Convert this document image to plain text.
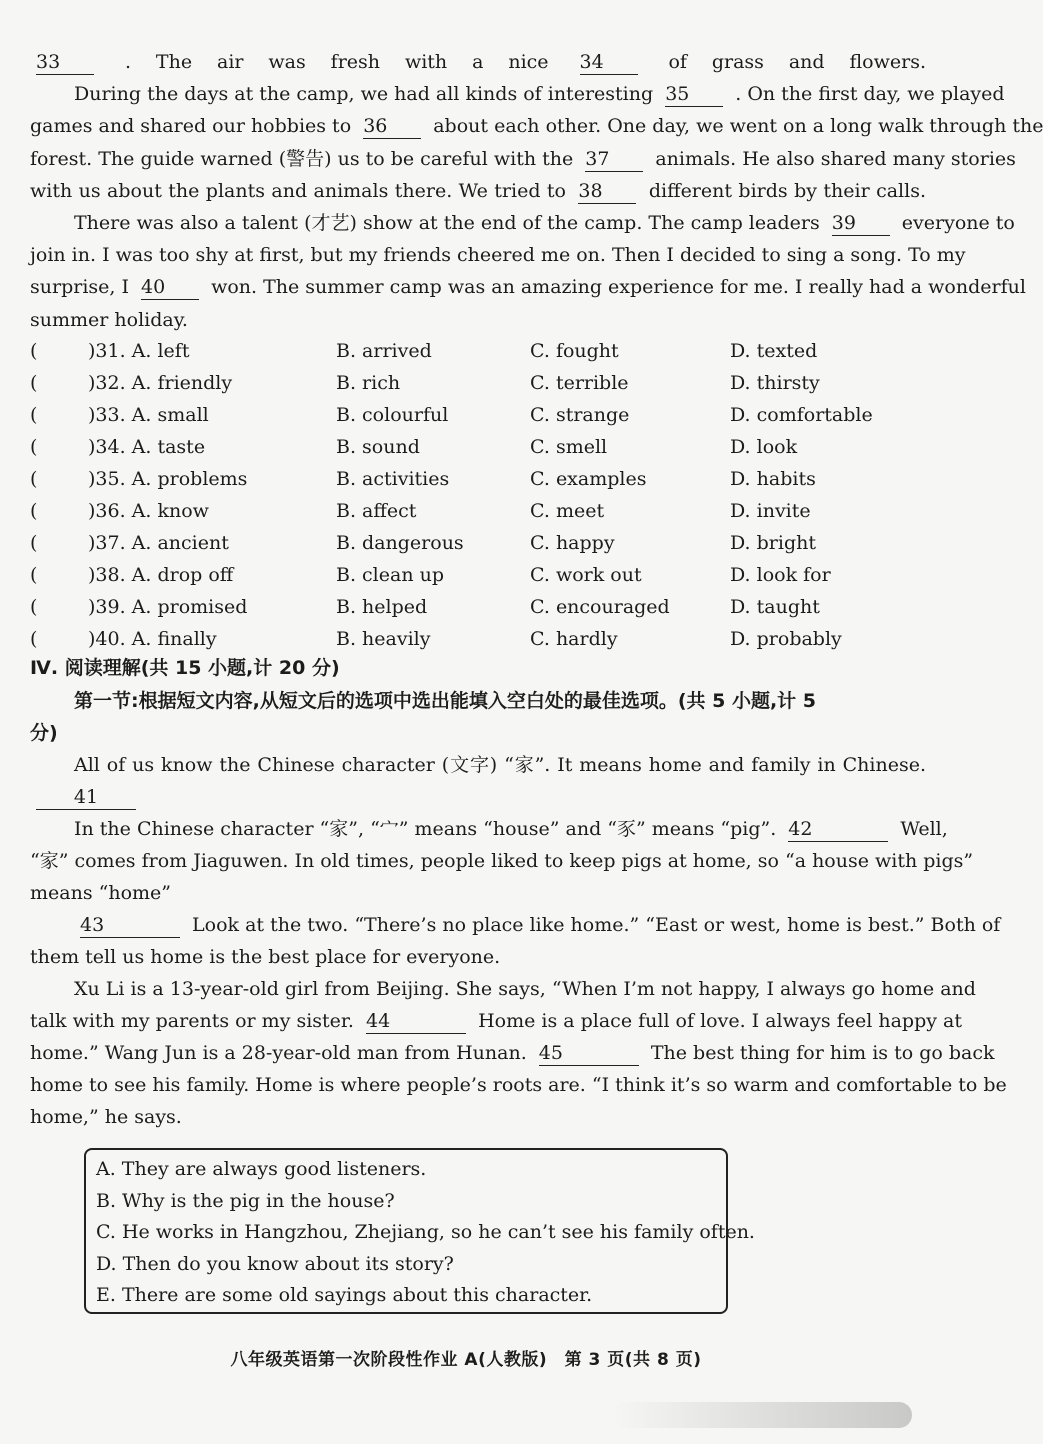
33	. The air was fresh with a nice 34	of grass and flowers.
During the days at the camp, we had all kinds of interesting 35 . On the first day, we played
games and shared our hobbies to 36 about each other. One day, we went on a long walk through the
forest. The guide warned (警告) us to be careful with the 37 animals. He also shared many stories
with us about the plants and animals there. We tried to 38 different birds by their calls.
There was also a talent (才艺) show at the end of the camp. The camp leaders 39 everyone to
join in. I was too shy at first, but my friends cheered me on. Then I decided to sing a song. To my
surprise, I 40 won. The summer camp was an amazing experience for me. I really had a wonderful
summer holiday.
(	)31. A. left	B. arrived	C. fought	D. texted
(	)32. A. friendly	B. rich	C. terrible	D. thirsty
(	)33. A. small	B. colourful	C. strange	D. comfortable
(	)34. A. taste	B. sound	C. smell	D. look
(	)35. A. problems	B. activities	C. examples	D. habits
(	)36. A. know	B. affect	C. meet	D. invite
(	)37. A. ancient	B. dangerous	C. happy	D. bright
(	)38. A. drop off	B. clean up	C. work out	D. look for
(	)39. A. promised	B. helped	C. encouraged	D. taught
(	)40. A. finally	B. heavily	C. hardly	D. probably
Ⅳ. 阅读理解(共 15 小题,计 20 分)
第一节:根据短文内容,从短文后的选项中选出能填入空白处的最佳选项。(共 5 小题,计 5
分)
All of us know the Chinese character (文字) “家”. It means home and family in Chinese.
41
In the Chinese character “家”, “宀” means “house” and “豕” means “pig”. 42	Well,
“家” comes from Jiaguwen. In old times, people liked to keep pigs at home, so “a house with pigs”
means “home”
43	Look at the two. “There’s no place like home.” “East or west, home is best.” Both of
them tell us home is the best place for everyone.
Xu Li is a 13-year-old girl from Beijing. She says, “When I’m not happy, I always go home and
talk with my parents or my sister. 44	Home is a place full of love. I always feel happy at
home.” Wang Jun is a 28-year-old man from Hunan. 45	The best thing for him is to go back
home to see his family. Home is where people’s roots are. “I think it’s so warm and comfortable to be
home,” he says.
A. They are always good listeners.
B. Why is the pig in the house?
C. He works in Hangzhou, Zhejiang, so he can’t see his family often.
D. Then do you know about its story?
E. There are some old sayings about this character.
八年级英语第一次阶段性作业 A(人教版)　第 3 页(共 8 页)
